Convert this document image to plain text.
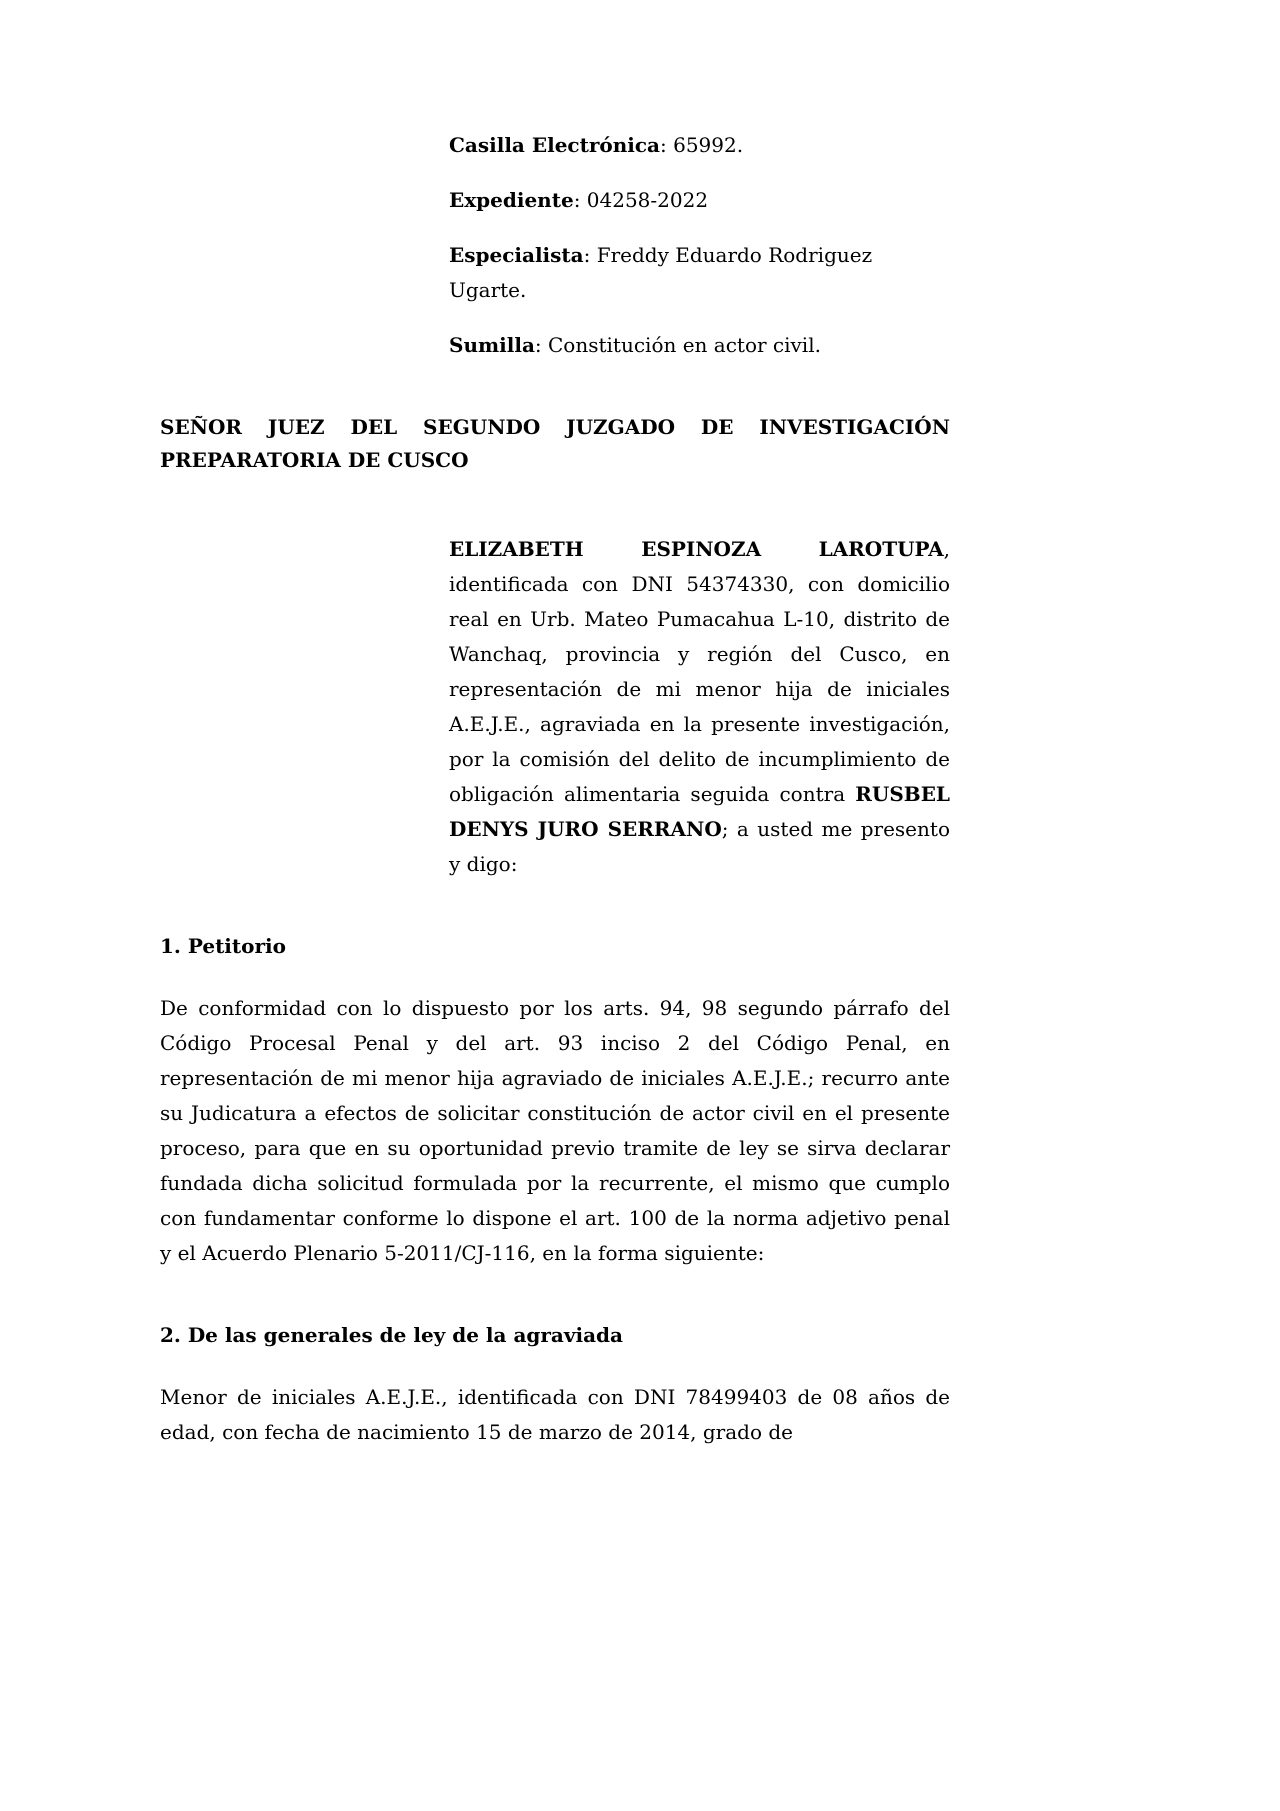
Casilla Electrónica: 65992.

Expediente: 04258-2022

Especialista: Freddy Eduardo Rodriguez Ugarte.

Sumilla: Constitución en actor civil.

SEÑOR JUEZ DEL SEGUNDO JUZGADO DE INVESTIGACIÓN PREPARATORIA DE CUSCO

ELIZABETH ESPINOZA LAROTUPA, identificada con DNI 54374330, con domicilio real en Urb. Mateo Pumacahua L-10, distrito de Wanchaq, provincia y región del Cusco, en representación de mi menor hija de iniciales A.E.J.E., agraviada en la presente investigación, por la comisión del delito de incumplimiento de obligación alimentaria seguida contra RUSBEL DENYS JURO SERRANO; a usted me presento y digo:

1. Petitorio

De conformidad con lo dispuesto por los arts. 94, 98 segundo párrafo del Código Procesal Penal y del art. 93 inciso 2 del Código Penal, en representación de mi menor hija agraviado de iniciales A.E.J.E.; recurro ante su Judicatura a efectos de solicitar constitución de actor civil en el presente proceso, para que en su oportunidad previo tramite de ley se sirva declarar fundada dicha solicitud formulada por la recurrente, el mismo que cumplo con fundamentar conforme lo dispone el art. 100 de la norma adjetivo penal y el Acuerdo Plenario 5-2011/CJ-116, en la forma siguiente:

2. De las generales de ley de la agraviada

Menor de iniciales A.E.J.E., identificada con DNI 78499403 de 08 años de edad, con fecha de nacimiento 15 de marzo de 2014, grado de
